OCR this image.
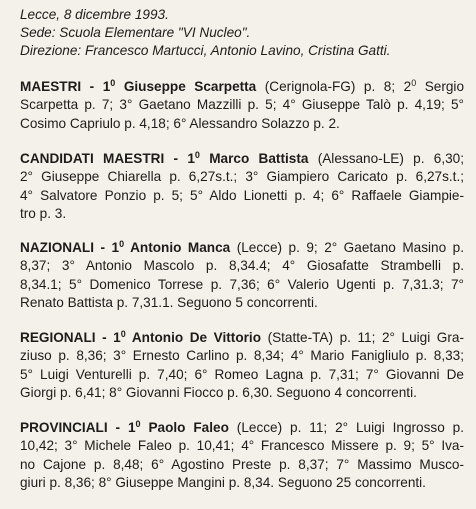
Lecce, 8 dicembre 1993.
Sede: Scuola Elementare "VI Nucleo".
Direzione: Francesco Martucci, Antonio Lavino, Cristina Gatti.
MAESTRI - $1^0$ Giuseppe Scarpetta (Cerignola-FG) p. 8; $2^0$ Sergio
Scarpetta p. 7; 3° Gaetano Mazzilli p. 5; 4° Giuseppe Talò p. 4,19; 5°
Cosimo Capriulo p. 4,18; 6° Alessandro Solazzo p. 2.
CANDIDATI MAESTRI - $1^0$ Marco Battista (Alessano-LE) p. 6,30;
2° Giuseppe Chiarella p. 6,27s.t.; 3° Giampiero Caricato p. 6,27s.t.;
4° Salvatore Ponzio p. 5; 5° Aldo Lionetti p. 4; 6° Raffaele Giampie-
tro p. 3.
NAZIONALI - $1^0$ Antonio Manca (Lecce) p. 9; 2° Gaetano Masino p.
8,37; 3° Antonio Mascolo p. 8,34.4; 4° Giosafatte Strambelli p.
8,34.1; 5° Domenico Torrese p. 7,36; 6° Valerio Ugenti p. 7,31.3; 7°
Renato Battista p. 7,31.1. Seguono 5 concorrenti.
REGIONALI - $1^0$ Antonio De Vittorio (Statte-TA) p. 11; 2° Luigi Gra-
ziuso p. 8,36; 3° Ernesto Carlino p. 8,34; 4° Mario Fanigliulo p. 8,33;
5° Luigi Venturelli p. 7,40; 6° Romeo Lagna p. 7,31; 7° Giovanni De
Giorgi p. 6,41; 8° Giovanni Fiocco p. 6,30. Seguono 4 concorrenti.
PROVINCIALI - $1^0$ Paolo Faleo (Lecce) p. 11; 2° Luigi Ingrosso p.
10,42; 3° Michele Faleo p. 10,41; 4° Francesco Missere p. 9; 5° Iva-
no Cajone p. 8,48; 6° Agostino Preste p. 8,37; 7° Massimo Musco-
giuri p. 8,36; 8° Giuseppe Mangini p. 8,34. Seguono 25 concorrenti.
